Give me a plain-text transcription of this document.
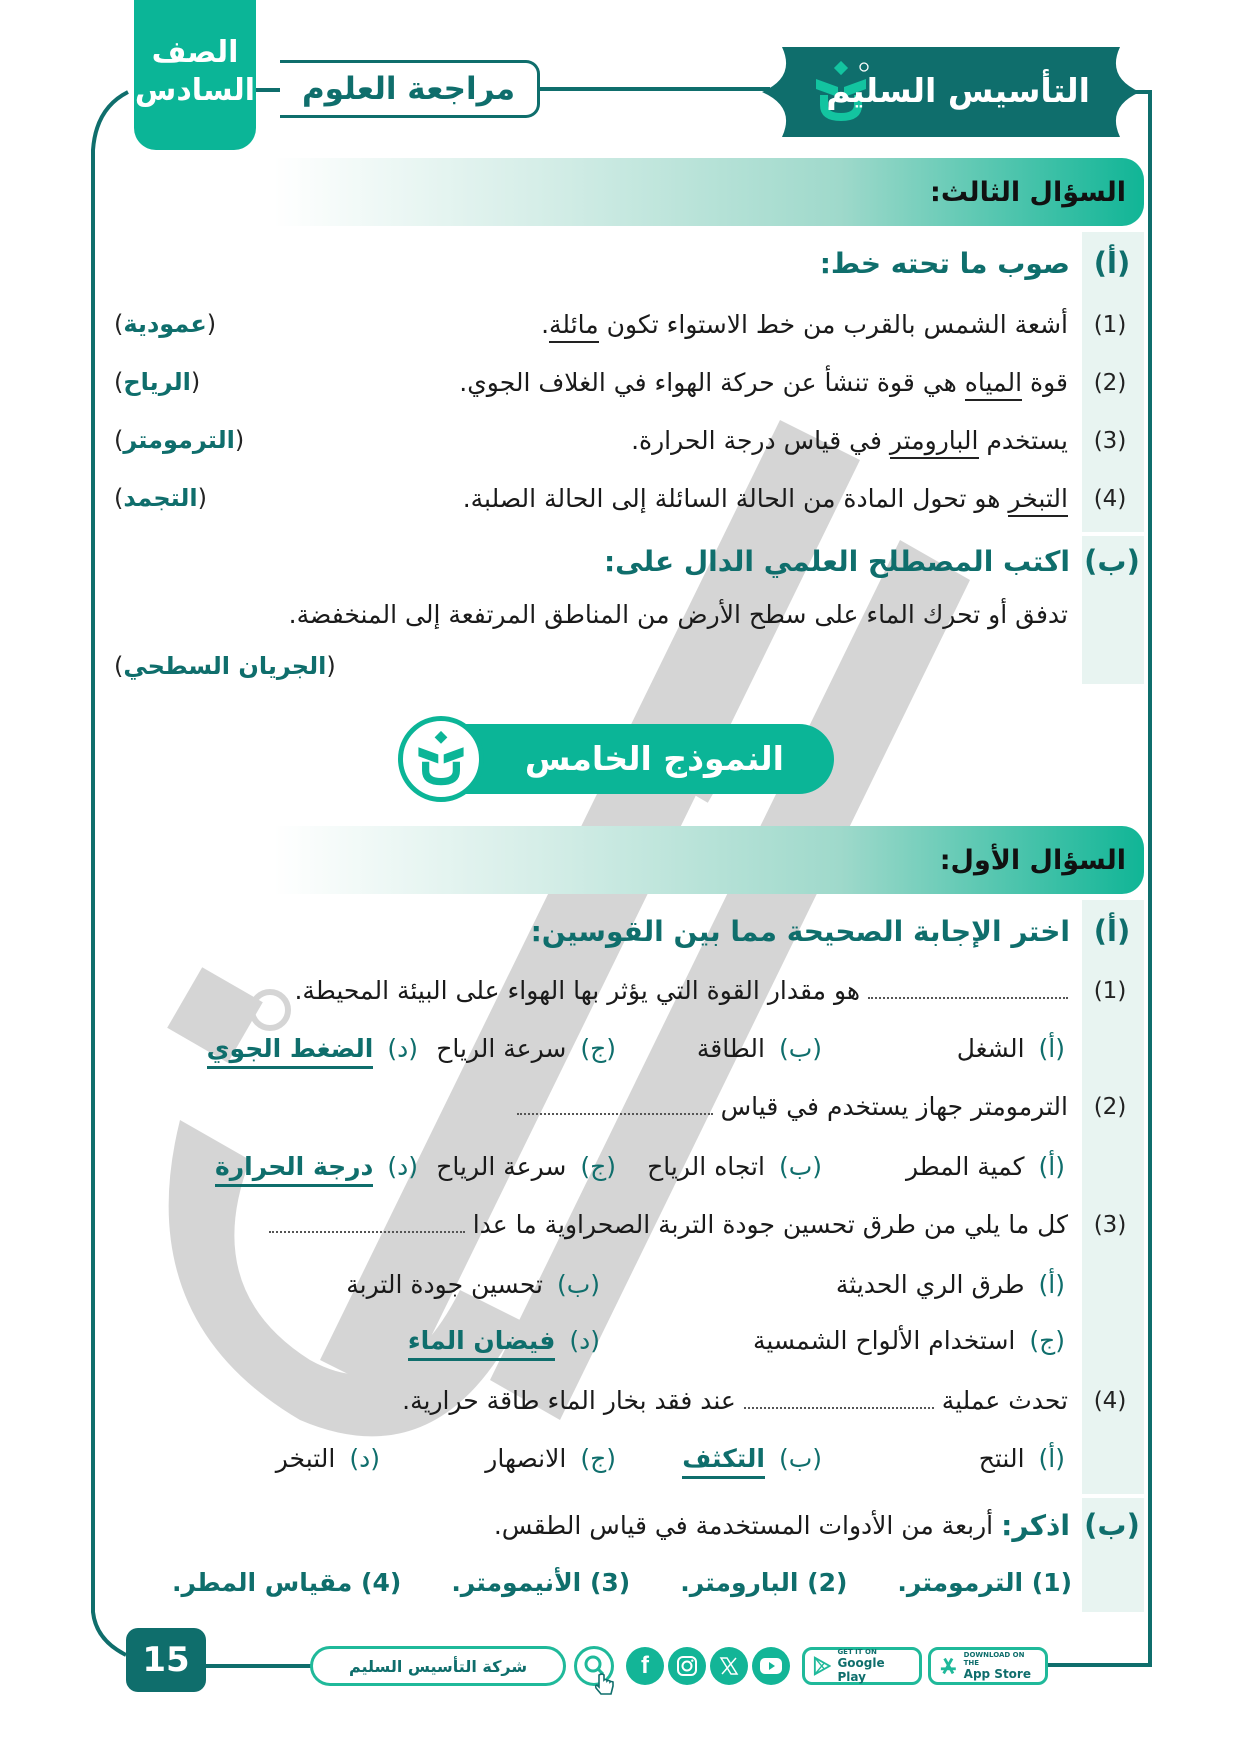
الصف
السادس مراجعة العلوم	التأسيس السليم
السؤال الثالث:
(أ)
صوب ما تحته خط:
(1)
أشعة الشمس بالقرب من خط الاستواء تكون مائلة.
(عمودية)
(2)
قوة المياه هي قوة تنشأ عن حركة الهواء في الغلاف الجوي.
(الرياح)
(3)
يستخدم البارومتر في قياس درجة الحرارة.
(الترمومتر)
(4)
التبخر هو تحول المادة من الحالة السائلة إلى الحالة الصلبة.
(التجمد)
(ب)
اكتب المصطلح العلمي الدال على:
تدفق أو تحرك الماء على سطح الأرض من المناطق المرتفعة إلى المنخفضة.
(الجريان السطحي)
النموذج الخامس
السؤال الأول:
(أ)
اختر الإجابة الصحيحة مما بين القوسين:
(1)
هو مقدار القوة التي يؤثر بها الهواء على البيئة المحيطة.
(أ)الشغل
(ب)الطاقة
(ج)سرعة الرياح
(د)الضغط الجوي
(2)
الترمومتر جهاز يستخدم في قياس
(أ)كمية المطر
(ب)اتجاه الرياح
(ج)سرعة الرياح
(د)درجة الحرارة
(3)
كل ما يلي من طرق تحسين جودة التربة الصحراوية ما عدا
(أ)طرق الري الحديثة
(ب)تحسين جودة التربة
(ج)استخدام الألواح الشمسية
(د)فيضان الماء
(4)
تحدث عملية  عند فقد بخار الماء طاقة حرارية.
(أ)النتح
(ب)التكثف
(ج)الانصهار
(د)التبخر
(ب)
اذكر:
أربعة من الأدوات المستخدمة في قياس الطقس.
(1) الترمومتر.
(2) البارومتر.
(3) الأنيمومتر.
(4) مقياس المطر.
15	شركة التأسيس السليم	f	GET IT ON
Google Play
DOWNLOAD ON THE
App Store
